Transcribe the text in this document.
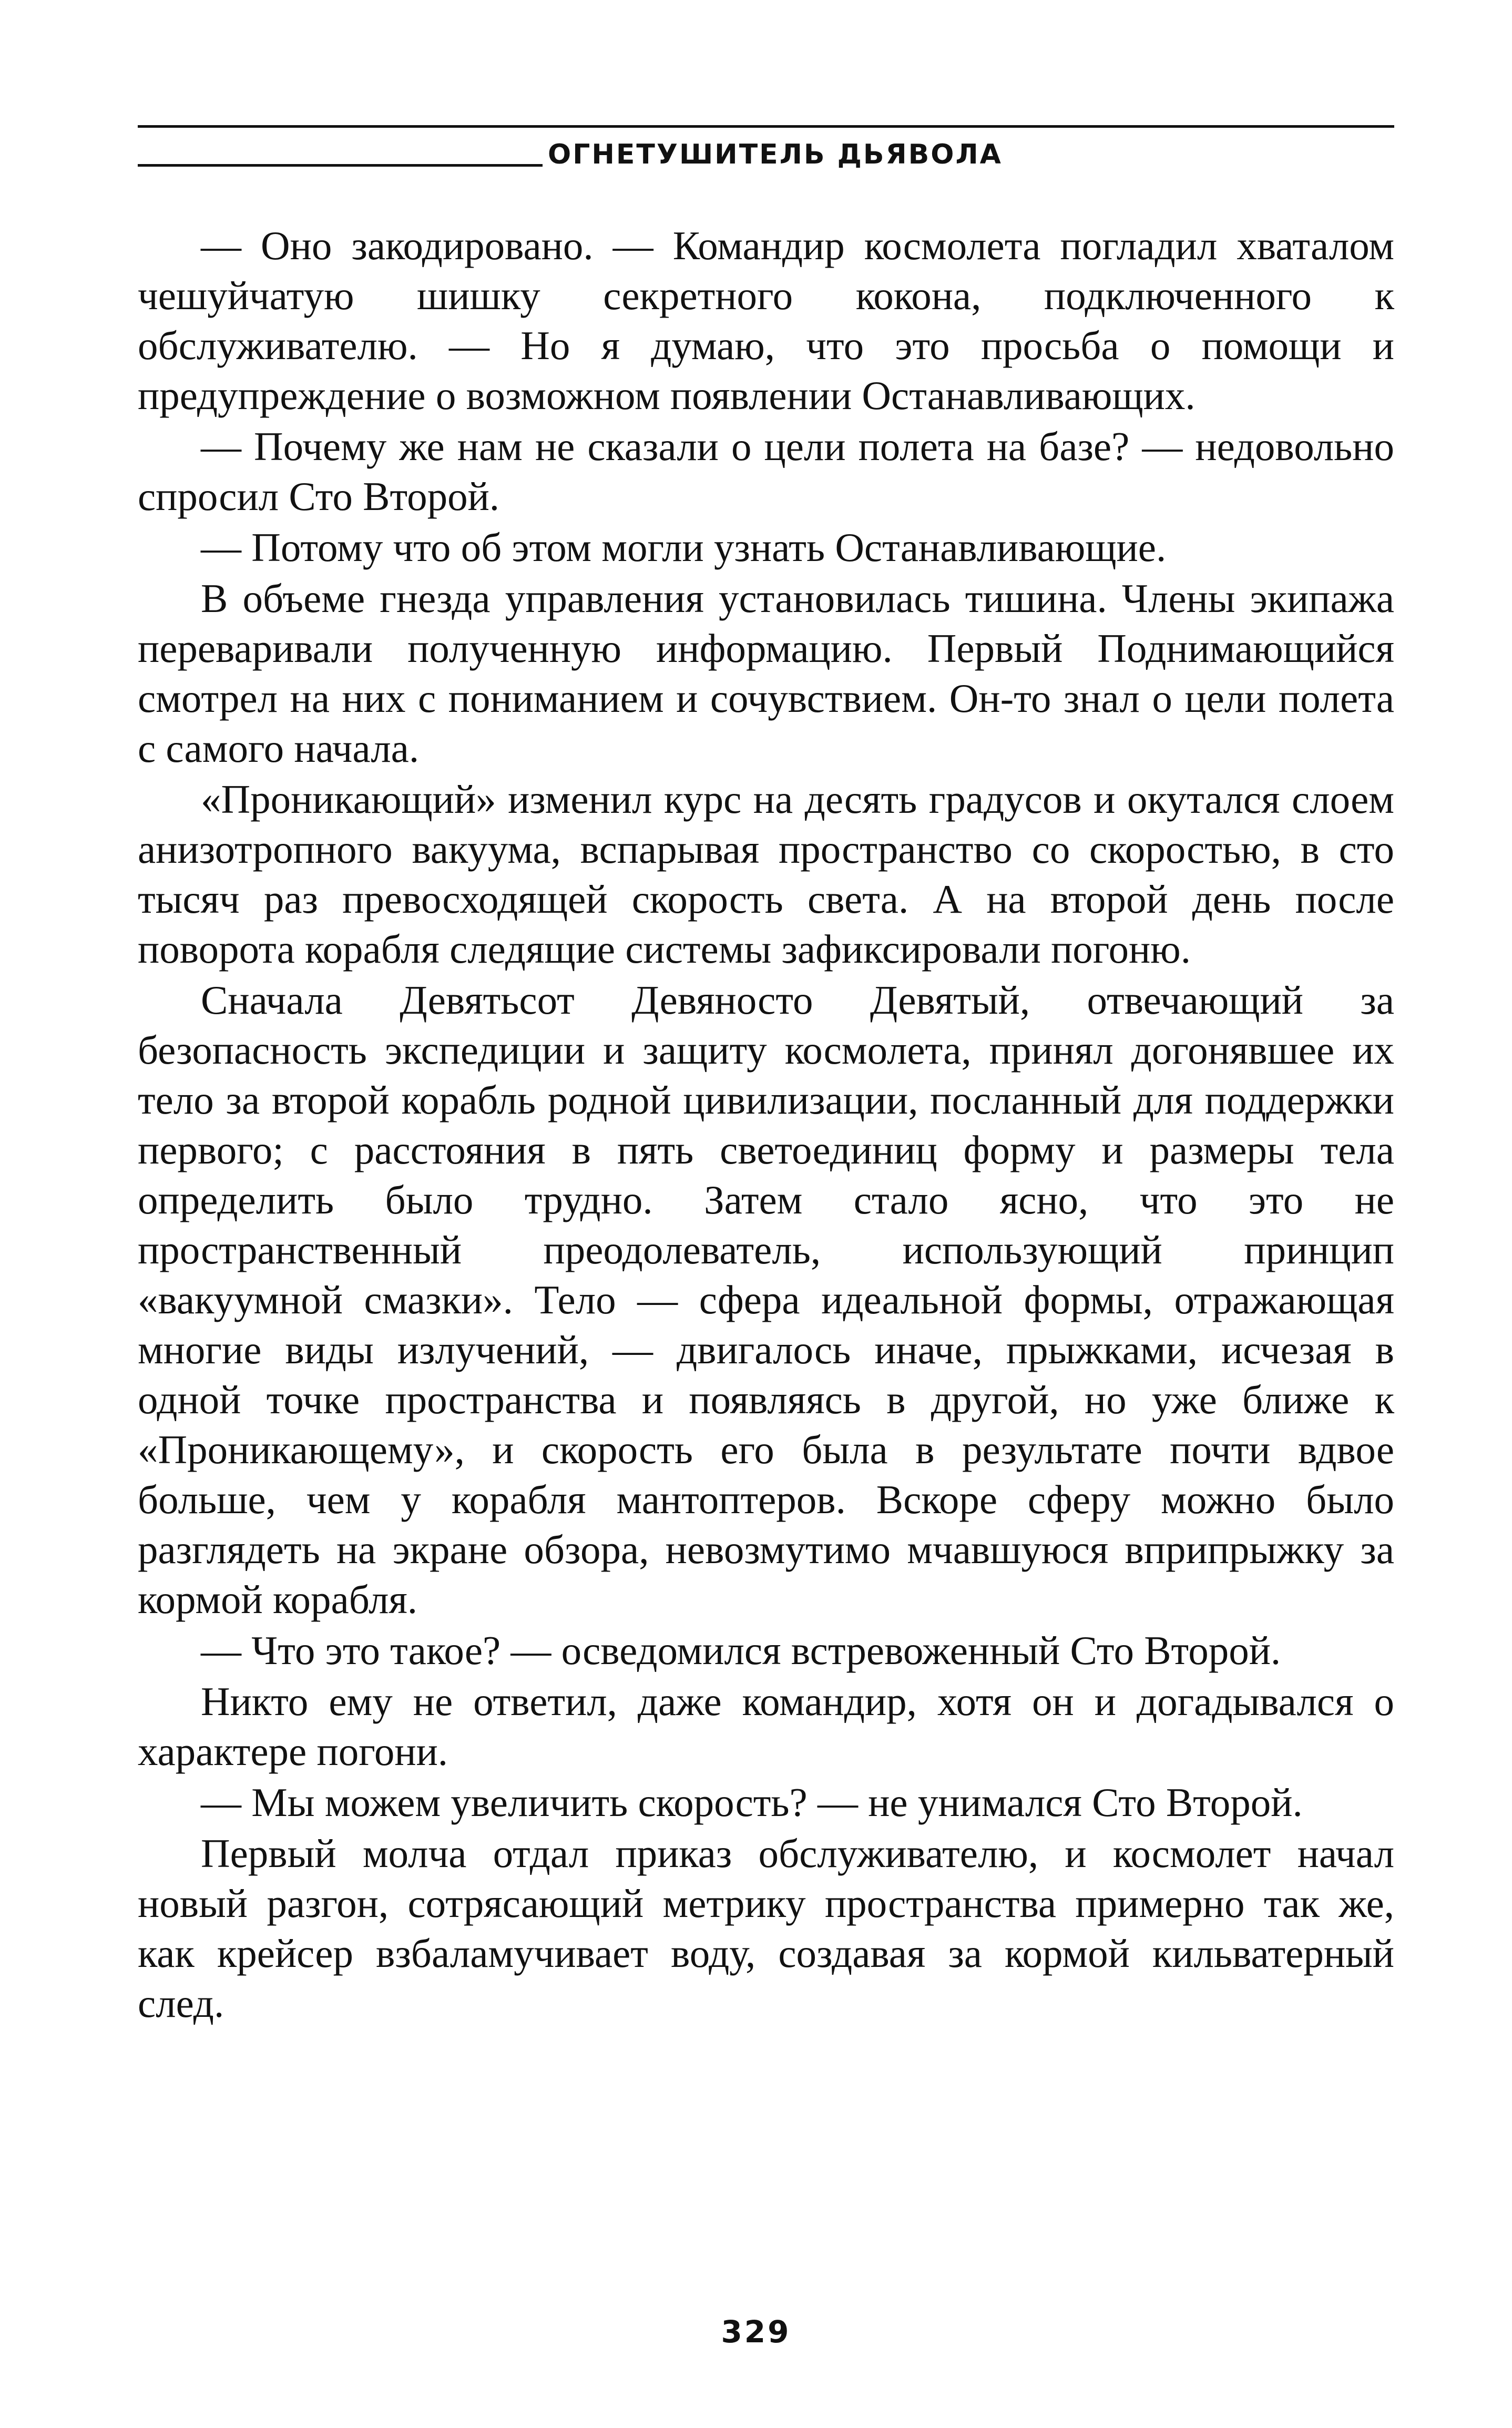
ОГНЕТУШИТЕЛЬ ДЬЯВОЛА

— Оно закодировано. — Командир космолета погладил хваталом чешуйчатую шишку секретного кокона, подключенного к обслуживателю. — Но я думаю, что это просьба о помощи и предупреждение о возможном появлении Останавливающих.

— Почему же нам не сказали о цели полета на базе? — недовольно спросил Сто Второй.

— Потому что об этом могли узнать Останавливающие.

В объеме гнезда управления установилась тишина. Члены экипажа переваривали полученную информацию. Первый Поднимающийся смотрел на них с пониманием и сочувствием. Он-то знал о цели полета с самого начала.

«Проникающий» изменил курс на десять градусов и окутался слоем анизотропного вакуума, вспарывая пространство со скоростью, в сто тысяч раз превосходящей скорость света. А на второй день после поворота корабля следящие системы зафиксировали погоню.

Сначала Девятьсот Девяносто Девятый, отвечающий за безопасность экспедиции и защиту космолета, принял догонявшее их тело за второй корабль родной цивилизации, посланный для поддержки первого; с расстояния в пять светоединиц форму и размеры тела определить было трудно. Затем стало ясно, что это не пространственный преодолеватель, использующий принцип «вакуумной смазки». Тело — сфера идеальной формы, отражающая многие виды излучений, — двигалось иначе, прыжками, исчезая в одной точке пространства и появляясь в другой, но уже ближе к «Проникающему», и скорость его была в результате почти вдвое больше, чем у корабля мантоптеров. Вскоре сферу можно было разглядеть на экране обзора, невозмутимо мчавшуюся вприпрыжку за кормой корабля.

— Что это такое? — осведомился встревоженный Сто Второй.

Никто ему не ответил, даже командир, хотя он и догадывался о характере погони.

— Мы можем увеличить скорость? — не унимался Сто Второй.

Первый молча отдал приказ обслуживателю, и космолет начал новый разгон, сотрясающий метрику пространства примерно так же, как крейсер взбаламучивает воду, создавая за кормой кильватерный след.

329
